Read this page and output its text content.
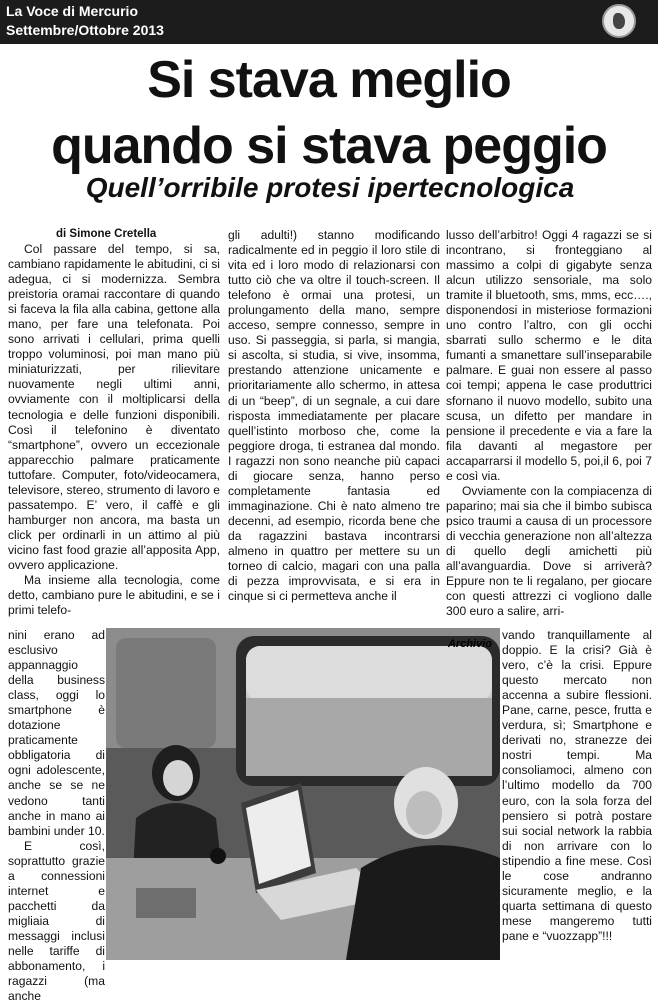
La Voce di Mercurio
Settembre/Ottobre 2013
Si stava meglio
quando si stava peggio
Quell’orribile protesi ipertecnologica
di Simone Cretella

Col passare del tempo, si sa, cambiano rapidamente le abitudini, ci si adegua, ci si modernizza. Sembra preistoria oramai raccontare di quando si faceva la fila alla cabina, gettone alla mano, per fare una telefonata. Poi sono arrivati i cellulari, prima quelli troppo voluminosi, poi man mano più miniaturizzati, per rilievitare nuovamente negli ultimi anni, ovviamente con il moltiplicarsi della tecnologia e delle funzioni disponibili. Così il telefonino è diventato “smartphone”, ovvero un eccezionale apparecchio palmare praticamente tuttofare. Computer, foto/videocamera, televisore, stereo, strumento di lavoro e passatempo. E’ vero, il caffè e gli hamburger non ancora, ma basta un click per ordinarli in un attimo al più vicino fast food grazie all’apposita App, ovvero applicazione.

Ma insieme alla tecnologia, come detto, cambiano pure le abitudini, e se i primi telefo-

nini erano ad esclusivo appannaggio della business class, oggi lo smartphone è dotazione praticamente obbligatoria di ogni adolescente, anche se se ne vedono tanti anche in mano ai bambini under 10.

E così, soprattutto grazie a connessioni internet e pacchetti da migliaia di messaggi inclusi nelle tariffe di abbonamento, i ragazzi (ma anche

gli adulti!) stanno modificando radicalmente ed in peggio il loro stile di vita ed i loro modo di relazionarsi con tutto ciò che va oltre il touch-screen. Il telefono è ormai una protesi, un prolungamento della mano, sempre acceso, sempre connesso, sempre in uso. Si passeggia, si parla, si mangia, si ascolta, si studia, si vive, insomma, prestando attenzione unicamente e prioritariamente allo schermo, in attesa di un “beep”, di un segnale, a cui dare risposta immediatamente per placare quell’istinto morboso che, come la peggiore droga, ti estranea dal mondo. I ragazzi non sono neanche più capaci di giocare senza, hanno perso completamente fantasia ed immaginazione. Chi è nato almeno tre decenni, ad esempio, ricorda bene che da ragazzini bastava incontrarsi almeno in quattro per mettere su un torneo di calcio, magari con una palla di pezza improvvisata, e si era in cinque si ci permetteva anche il

lusso dell’arbitro! Oggi 4 ragazzi se si incontrano, si fronteggiano al massimo a colpi di gigabyte senza alcun utilizzo sensoriale, ma solo tramite il bluetooth, sms, mms, ecc…., disponendosi in misteriose formazioni uno contro l’altro, con gli occhi sbarrati sullo schermo e le dita fumanti a smanettare sull’inseparabile palmare. E guai non essere al passo coi tempi; appena le case produttrici sfornano il nuovo modello, subito una scusa, un difetto per mandare in pensione il precedente e via a fare la fila davanti al megastore per accaparrarsi il modello 5, poi,il 6, poi 7 e così via.

Ovviamente con la compiacenza di paparino; mai sia che il bimbo subisca psico traumi a causa di un processore di vecchia generazione non all’altezza di quello degli amichetti più all’avanguardia. Dove si arriverà? Eppure non te li regalano, per giocare con questi attrezzi ci vogliono dalle 300 euro a salire, arri-

vando tranquillamente al doppio. E la crisi? Già è vero, c’è la crisi. Eppure questo mercato non accenna a subire flessioni. Pane, carne, pesce, frutta e verdura, sì; Smartphone e derivati no, stranezze dei nostri tempi. Ma consoliamoci, almeno con l’ultimo modello da 700 euro, con la sola forza del pensiero si potrà postare sui social network la rabbia di non arrivare con lo stipendio a fine mese. Così le cose andranno sicuramente meglio, e la quarta settimana di questo mese mangeremo tutti pane e “vuozzapp”!!!

Archivio
